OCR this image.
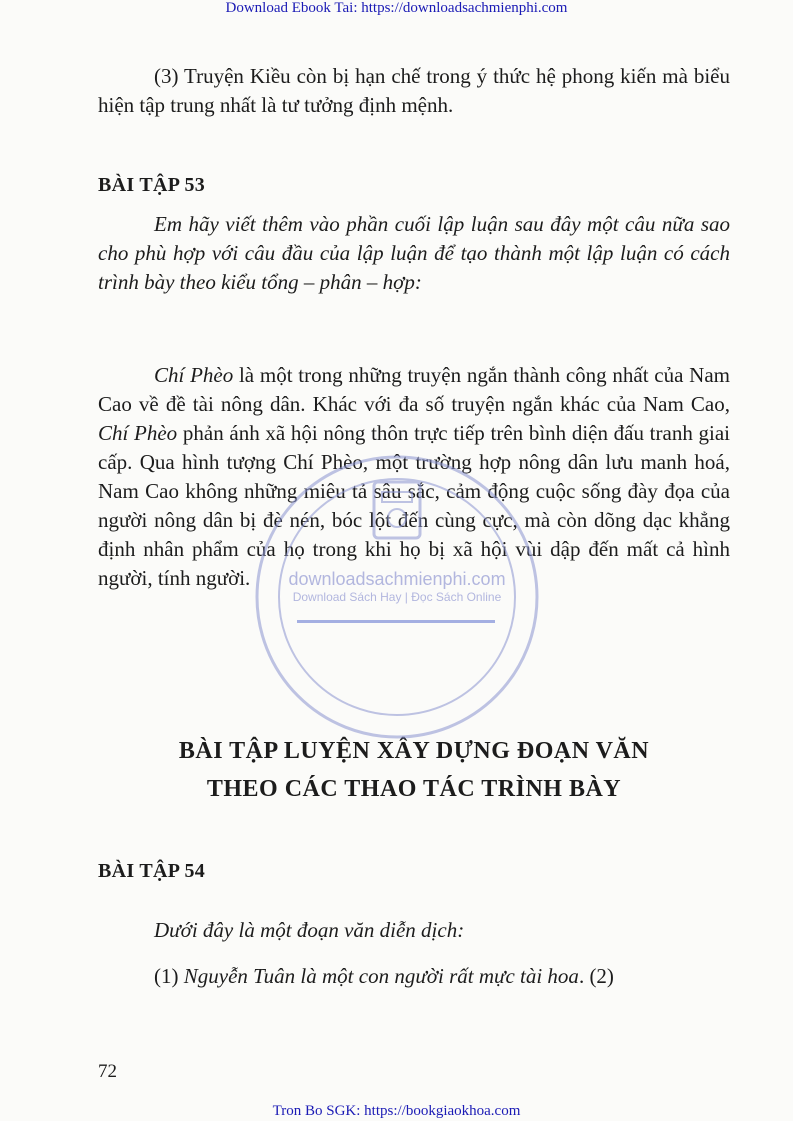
Download Ebook Tai: https://downloadsachmienphi.com

(3) Truyện Kiều còn bị hạn chế trong ý thức hệ phong kiến mà biểu hiện tập trung nhất là tư tưởng định mệnh.

BÀI TẬP 53

Em hãy viết thêm vào phần cuối lập luận sau đây một câu nữa sao cho phù hợp với câu đầu của lập luận để tạo thành một lập luận có cách trình bày theo kiểu tổng – phân – hợp:

Chí Phèo là một trong những truyện ngắn thành công nhất của Nam Cao về đề tài nông dân. Khác với đa số truyện ngắn khác của Nam Cao, Chí Phèo phản ánh xã hội nông thôn trực tiếp trên bình diện đấu tranh giai cấp. Qua hình tượng Chí Phèo, một trường hợp nông dân lưu manh hoá, Nam Cao không những miêu tả sâu sắc, cảm động cuộc sống đày đọa của người nông dân bị đè nén, bóc lột đến cùng cực, mà còn dõng dạc khẳng định nhân phẩm của họ trong khi họ bị xã hội vùi dập đến mất cả hình người, tính người.

BÀI TẬP LUYỆN XÂY DỰNG ĐOẠN VĂN
THEO CÁC THAO TÁC TRÌNH BÀY
BÀI TẬP 54

Dưới đây là một đoạn văn diễn dịch:

(1) Nguyễn Tuân là một con người rất mực tài hoa. (2)

72
downloadsachmienphi.com
Download Sách Hay | Đọc Sách Online
Tron Bo SGK: https://bookgiaokhoa.com
